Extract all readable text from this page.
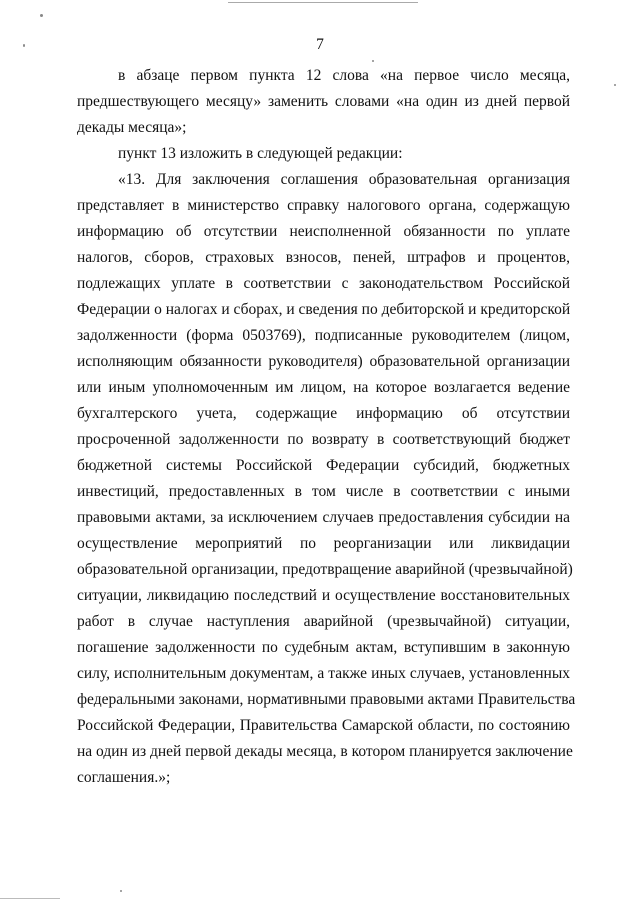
7
в абзаце первом пункта 12 слова «на первое число месяца,
предшествующего месяцу» заменить словами «на один из дней первой
декады месяца»;
пункт 13 изложить в следующей редакции:
«13. Для заключения соглашения образовательная организация
представляет в министерство справку налогового органа, содержащую
информацию об отсутствии неисполненной обязанности по уплате
налогов, сборов, страховых взносов, пеней, штрафов и процентов,
подлежащих уплате в соответствии с законодательством Российской
Федерации о налогах и сборах, и сведения по дебиторской и кредиторской
задолженности (форма 0503769), подписанные руководителем (лицом,
исполняющим обязанности руководителя) образовательной организации
или иным уполномоченным им лицом, на которое возлагается ведение
бухгалтерского учета, содержащие информацию об отсутствии
просроченной задолженности по возврату в соответствующий бюджет
бюджетной системы Российской Федерации субсидий, бюджетных
инвестиций, предоставленных в том числе в соответствии с иными
правовыми актами, за исключением случаев предоставления субсидии на
осуществление мероприятий по реорганизации или ликвидации
образовательной организации, предотвращение аварийной (чрезвычайной)
ситуации, ликвидацию последствий и осуществление восстановительных
работ в случае наступления аварийной (чрезвычайной) ситуации,
погашение задолженности по судебным актам, вступившим в законную
силу, исполнительным документам, а также иных случаев, установленных
федеральными законами, нормативными правовыми актами Правительства
Российской Федерации, Правительства Самарской области, по состоянию
на один из дней первой декады месяца, в котором планируется заключение
соглашения.»;
